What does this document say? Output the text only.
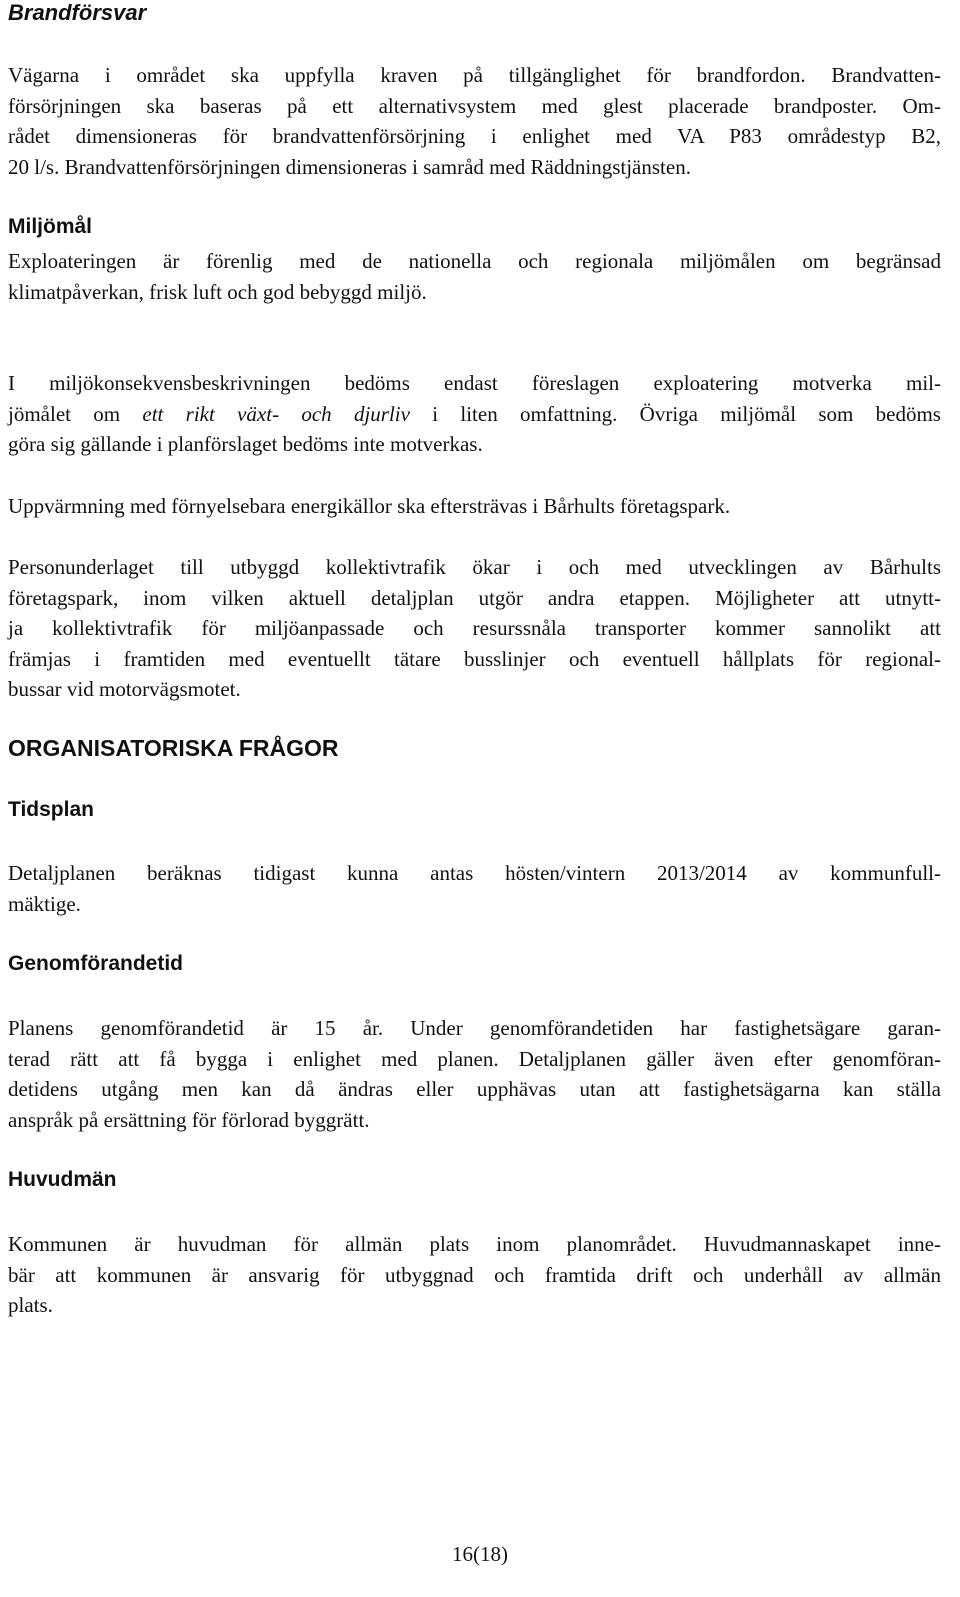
Brandförsvar

Vägarna i området ska uppfylla kraven på tillgänglighet för brandfordon. Brandvatten-
försörjningen ska baseras på ett alternativsystem med glest placerade brandposter. Om-
rådet dimensioneras för brandvattenförsörjning i enlighet med VA P83 områdestyp B2,
20 l/s. Brandvattenförsörjningen dimensioneras i samråd med Räddningstjänsten.

Miljömål

Exploateringen är förenlig med de nationella och regionala miljömålen om begränsad
klimatpåverkan, frisk luft och god bebyggd miljö.

I miljökonsekvensbeskrivningen bedöms endast föreslagen exploatering motverka mil-
jömålet om ett rikt växt- och djurliv i liten omfattning. Övriga miljömål som bedöms
göra sig gällande i planförslaget bedöms inte motverkas.

Uppvärmning med förnyelsebara energikällor ska eftersträvas i Bårhults företagspark.

Personunderlaget till utbyggd kollektivtrafik ökar i och med utvecklingen av Bårhults
företagspark, inom vilken aktuell detaljplan utgör andra etappen. Möjligheter att utnytt-
ja kollektivtrafik för miljöanpassade och resurssnåla transporter kommer sannolikt att
främjas i framtiden med eventuellt tätare busslinjer och eventuell hållplats för regional-
bussar vid motorvägsmotet.

ORGANISATORISKA FRÅGOR
Tidsplan

Detaljplanen beräknas tidigast kunna antas hösten/vintern 2013/2014 av kommunfull-
mäktige.

Genomförandetid

Planens genomförandetid är 15 år. Under genomförandetiden har fastighetsägare garan-
terad rätt att få bygga i enlighet med planen. Detaljplanen gäller även efter genomföran-
detidens utgång men kan då ändras eller upphävas utan att fastighetsägarna kan ställa
anspråk på ersättning för förlorad byggrätt.

Huvudmän

Kommunen är huvudman för allmän plats inom planområdet. Huvudmannaskapet inne-
bär att kommunen är ansvarig för utbyggnad och framtida drift och underhåll av allmän
plats.

16(18)
